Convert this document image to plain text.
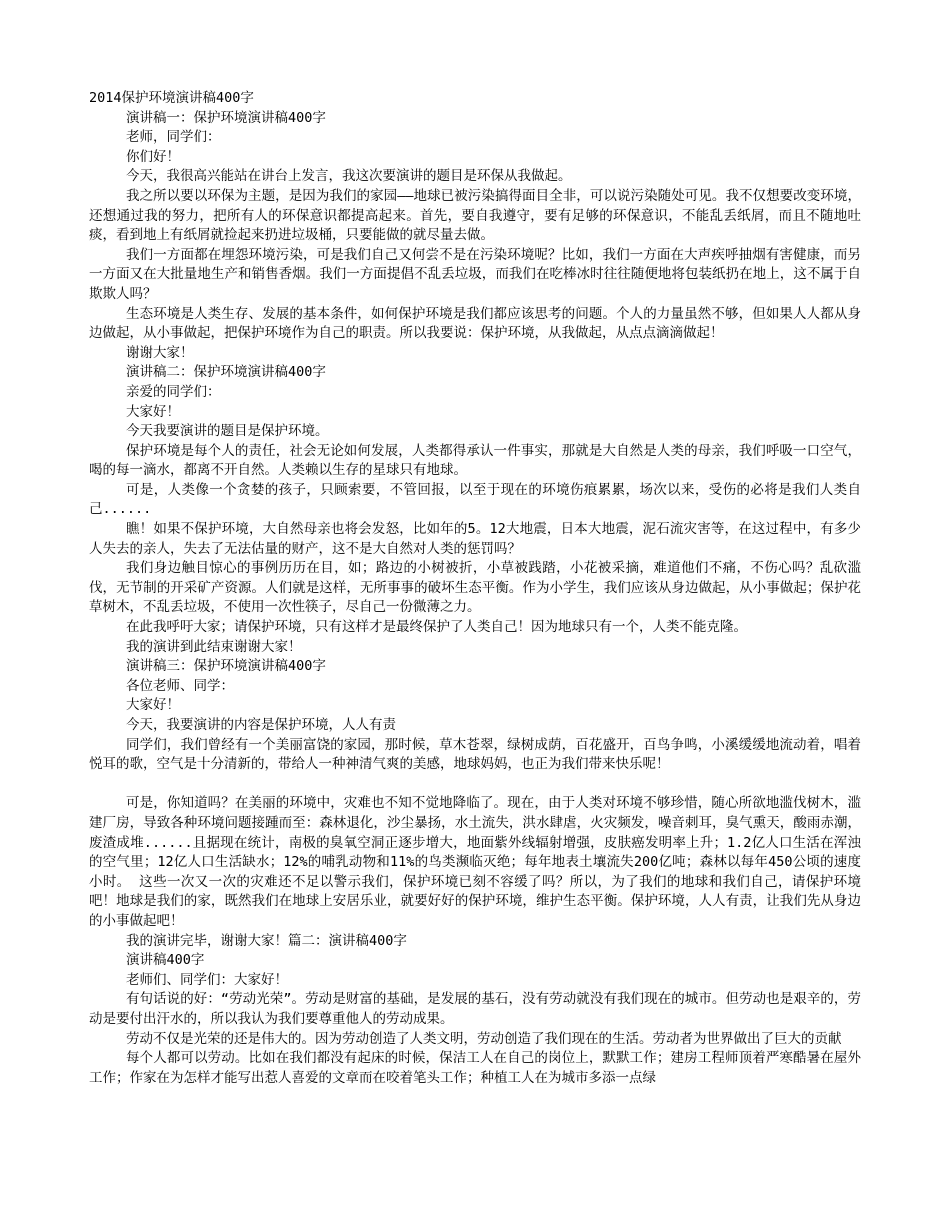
2014保护环境演讲稿400字

演讲稿一：保护环境演讲稿400字

老师，同学们：

你们好！

今天，我很高兴能站在讲台上发言，我这次要演讲的题目是环保从我做起。

我之所以要以环保为主题，是因为我们的家园——地球已被污染搞得面目全非，可以说污染随处可见。我不仅想要改变环境，还想通过我的努力，把所有人的环保意识都提高起来。首先，要自我遵守，要有足够的环保意识，不能乱丢纸屑，而且不随地吐痰，看到地上有纸屑就捡起来扔进垃圾桶，只要能做的就尽量去做。

我们一方面都在埋怨环境污染，可是我们自己又何尝不是在污染环境呢？比如，我们一方面在大声疾呼抽烟有害健康，而另一方面又在大批量地生产和销售香烟。我们一方面提倡不乱丢垃圾，而我们在吃棒冰时往往随便地将包装纸扔在地上，这不属于自欺欺人吗？

生态环境是人类生存、发展的基本条件，如何保护环境是我们都应该思考的问题。个人的力量虽然不够，但如果人人都从身边做起，从小事做起，把保护环境作为自己的职责。所以我要说：保护环境，从我做起，从点点滴滴做起！

谢谢大家！

演讲稿二：保护环境演讲稿400字

亲爱的同学们：

大家好！

今天我要演讲的题目是保护环境。

保护环境是每个人的责任，社会无论如何发展，人类都得承认一件事实，那就是大自然是人类的母亲，我们呼吸一口空气，喝的每一滴水，都离不开自然。人类赖以生存的星球只有地球。

可是，人类像一个贪婪的孩子，只顾索要，不管回报，以至于现在的环境伤痕累累，场次以来，受伤的必将是我们人类自己......

瞧！如果不保护环境，大自然母亲也将会发怒，比如年的5。12大地震，日本大地震，泥石流灾害等，在这过程中，有多少人失去的亲人，失去了无法估量的财产，这不是大自然对人类的惩罚吗？

我们身边触目惊心的事例历历在目，如；路边的小树被折，小草被践踏，小花被采摘，难道他们不痛，不伤心吗？乱砍滥伐，无节制的开采矿产资源。人们就是这样，无所事事的破坏生态平衡。作为小学生，我们应该从身边做起，从小事做起；保护花草树木，不乱丢垃圾，不使用一次性筷子，尽自己一份微薄之力。

在此我呼吁大家；请保护环境，只有这样才是最终保护了人类自己！因为地球只有一个，人类不能克隆。

我的演讲到此结束谢谢大家！

演讲稿三：保护环境演讲稿400字

各位老师、同学：

大家好！

今天，我要演讲的内容是保护环境，人人有责

同学们，我们曾经有一个美丽富饶的家园，那时候，草木苍翠，绿树成荫，百花盛开，百鸟争鸣，小溪缓缓地流动着，唱着悦耳的歌，空气是十分清新的，带给人一种神清气爽的美感，地球妈妈，也正为我们带来快乐呢！

可是，你知道吗？在美丽的环境中，灾难也不知不觉地降临了。现在，由于人类对环境不够珍惜，随心所欲地滥伐树木，滥建厂房，导致各种环境问题接踵而至：森林退化，沙尘暴扬，水土流失，洪水肆虐，火灾频发，噪音刺耳，臭气熏天，酸雨赤潮，废渣成堆......且据现在统计，南极的臭氧空洞正逐步增大，地面紫外线辐射增强，皮肤癌发明率上升；1.2亿人口生活在浑浊的空气里；12亿人口生活缺水；12%的哺乳动物和11%的鸟类濒临灭绝；每年地表土壤流失200亿吨；森林以每年450公顷的速度小时。 这些一次又一次的灾难还不足以警示我们，保护环境已刻不容缓了吗？所以，为了我们的地球和我们自己，请保护环境吧！地球是我们的家，既然我们在地球上安居乐业，就要好好的保护环境，维护生态平衡。保护环境，人人有责，让我们先从身边的小事做起吧！

我的演讲完毕，谢谢大家！篇二：演讲稿400字

演讲稿400字

老师们、同学们：大家好！

有句话说的好：“劳动光荣”。劳动是财富的基础，是发展的基石，没有劳动就没有我们现在的城市。但劳动也是艰辛的，劳动是要付出汗水的，所以我认为我们要尊重他人的劳动成果。

劳动不仅是光荣的还是伟大的。因为劳动创造了人类文明，劳动创造了我们现在的生活。劳动者为世界做出了巨大的贡献

每个人都可以劳动。比如在我们都没有起床的时候，保洁工人在自己的岗位上，默默工作；建房工程师顶着严寒酷暑在屋外工作；作家在为怎样才能写出惹人喜爱的文章而在咬着笔头工作；种植工人在为城市多添一点绿
